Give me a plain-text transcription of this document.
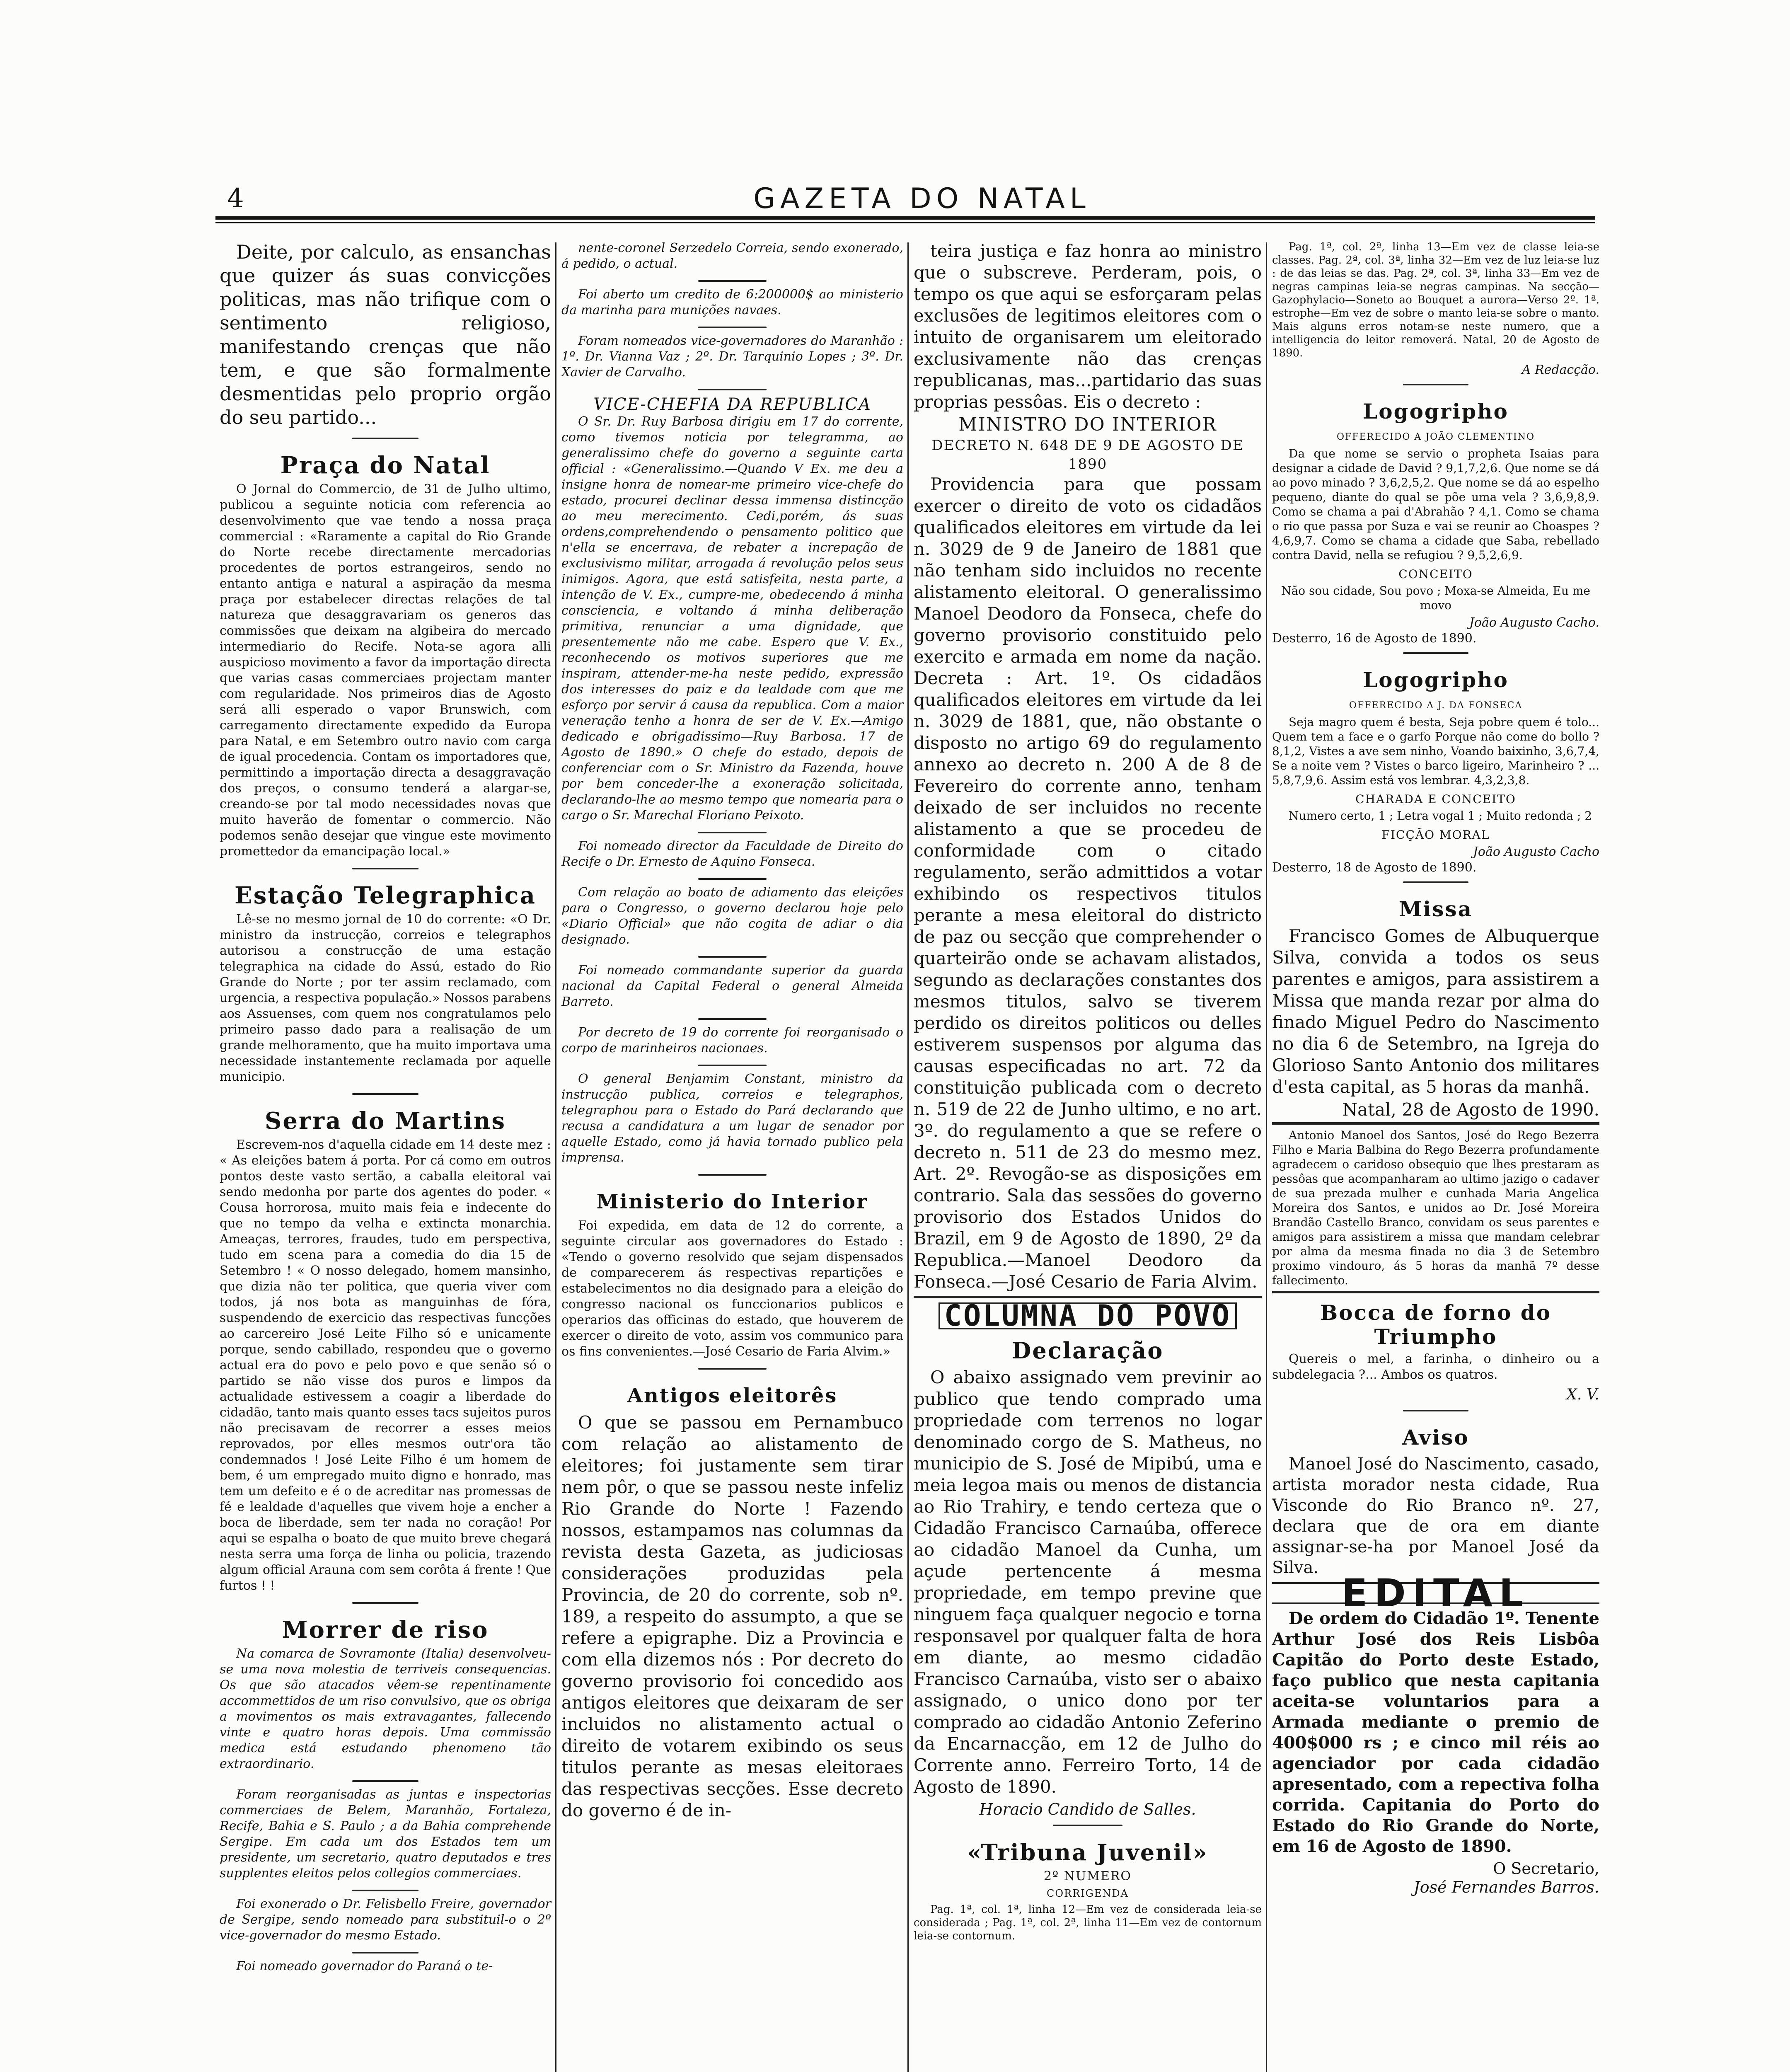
4	GAZETA DO NATAL

Deite, por calculo, as ensanchas que quizer ás suas convicções politicas, mas não trifique com o sentimento religioso, manifestando crenças que não tem, e que são formalmente desmentidas pelo proprio orgão do seu partido...

Praça do Natal

O Jornal do Commercio, de 31 de Julho ultimo, publicou a seguinte noticia com referencia ao desenvolvimento que vae tendo a nossa praça commercial : «Raramente a capital do Rio Grande do Norte recebe directamente mercadorias procedentes de portos estrangeiros, sendo no entanto antiga e natural a aspiração da mesma praça por estabelecer directas relações de tal natureza que desaggravariam os generos das commissões que deixam na algibeira do mercado intermediario do Recife. Nota-se agora alli auspicioso movimento a favor da importação directa que varias casas commerciaes projectam manter com regularidade. Nos primeiros dias de Agosto será alli esperado o vapor Brunswich, com carregamento directamente expedido da Europa para Natal, e em Setembro outro navio com carga de igual procedencia. Contam os importadores que, permittindo a importação directa a desaggravação dos preços, o consumo tenderá a alargar-se, creando-se por tal modo necessidades novas que muito haverão de fomentar o commercio. Não podemos senão desejar que vingue este movimento promettedor da emancipação local.»

Estação Telegraphica

Lê-se no mesmo jornal de 10 do corrente: «O Dr. ministro da instrucção, correios e telegraphos autorisou a construcção de uma estação telegraphica na cidade do Assú, estado do Rio Grande do Norte ; por ter assim reclamado, com urgencia, a respectiva população.» Nossos parabens aos Assuenses, com quem nos congratulamos pelo primeiro passo dado para a realisação de um grande melhoramento, que ha muito importava uma necessidade instantemente reclamada por aquelle municipio.

Serra do Martins

Escrevem-nos d'aquella cidade em 14 deste mez : « As eleições batem á porta. Por cá como em outros pontos deste vasto sertão, a caballa eleitoral vai sendo medonha por parte dos agentes do poder. « Cousa horrorosa, muito mais feia e indecente do que no tempo da velha e extincta monarchia. Ameaças, terrores, fraudes, tudo em perspectiva, tudo em scena para a comedia do dia 15 de Setembro ! « O nosso delegado, homem mansinho, que dizia não ter politica, que queria viver com todos, já nos bota as manguinhas de fóra, suspendendo de exercicio das respectivas funcções ao carcereiro José Leite Filho só e unicamente porque, sendo cabillado, respondeu que o governo actual era do povo e pelo povo e que senão só o partido se não visse dos puros e limpos da actualidade estivessem a coagir a liberdade do cidadão, tanto mais quanto esses tacs sujeitos puros não precisavam de recorrer a esses meios reprovados, por elles mesmos outr'ora tão condemnados ! José Leite Filho é um homem de bem, é um empregado muito digno e honrado, mas tem um defeito e é o de acreditar nas promessas de fé e lealdade d'aquelles que vivem hoje a encher a boca de liberdade, sem ter nada no coração! Por aqui se espalha o boato de que muito breve chegará nesta serra uma força de linha ou policia, trazendo algum official Arauna com sem corôta á frente ! Que furtos ! !

Morrer de riso

Na comarca de Sovramonte (Italia) desenvolveu-se uma nova molestia de terriveis consequencias. Os que são atacados vêem-se repentinamente accommettidos de um riso convulsivo, que os obriga a movimentos os mais extravagantes, fallecendo vinte e quatro horas depois. Uma commissão medica está estudando phenomeno tão extraordinario.

Foram reorganisadas as juntas e inspectorias commerciaes de Belem, Maranhão, Fortaleza, Recife, Bahia e S. Paulo ; a da Bahia comprehende Sergipe. Em cada um dos Estados tem um presidente, um secretario, quatro deputados e tres supplentes eleitos pelos collegios commerciaes.

Foi exonerado o Dr. Felisbello Freire, governador de Sergipe, sendo nomeado para substituil-o o 2º vice-governador do mesmo Estado.

Foi nomeado governador do Paraná o te-

nente-coronel Serzedelo Correia, sendo exonerado, á pedido, o actual.

Foi aberto um credito de 6:200000$ ao ministerio da marinha para munições navaes.

Foram nomeados vice-governadores do Maranhão : 1º. Dr. Vianna Vaz ; 2º. Dr. Tarquinio Lopes ; 3º. Dr. Xavier de Carvalho.

VICE-CHEFIA DA REPUBLICA

O Sr. Dr. Ruy Barbosa dirigiu em 17 do corrente, como tivemos noticia por telegramma, ao generalissimo chefe do governo a seguinte carta official : «Generalissimo.—Quando V Ex. me deu a insigne honra de nomear-me primeiro vice-chefe do estado, procurei declinar dessa immensa distincção ao meu merecimento. Cedi,porém, ás suas ordens,comprehendendo o pensamento politico que n'ella se encerrava, de rebater a increpação de exclusivismo militar, arrogada á revolução pelos seus inimigos. Agora, que está satisfeita, nesta parte, a intenção de V. Ex., cumpre-me, obedecendo á minha consciencia, e voltando á minha deliberação primitiva, renunciar a uma dignidade, que presentemente não me cabe. Espero que V. Ex., reconhecendo os motivos superiores que me inspiram, attender-me-ha neste pedido, expressão dos interesses do paiz e da lealdade com que me esforço por servir á causa da republica. Com a maior veneração tenho a honra de ser de V. Ex.—Amigo dedicado e obrigadissimo—Ruy Barbosa. 17 de Agosto de 1890.» O chefe do estado, depois de conferenciar com o Sr. Ministro da Fazenda, houve por bem conceder-lhe a exoneração solicitada, declarando-lhe ao mesmo tempo que nomearia para o cargo o Sr. Marechal Floriano Peixoto.

Foi nomeado director da Faculdade de Direito do Recife o Dr. Ernesto de Aquino Fonseca.

Com relação ao boato de adiamento das eleições para o Congresso, o governo declarou hoje pelo «Diario Official» que não cogita de adiar o dia designado.

Foi nomeado commandante superior da guarda nacional da Capital Federal o general Almeida Barreto.

Por decreto de 19 do corrente foi reorganisado o corpo de marinheiros nacionaes.

O general Benjamim Constant, ministro da instrucção publica, correios e telegraphos, telegraphou para o Estado do Pará declarando que recusa a candidatura a um lugar de senador por aquelle Estado, como já havia tornado publico pela imprensa.

Ministerio do Interior

Foi expedida, em data de 12 do corrente, a seguinte circular aos governadores do Estado : «Tendo o governo resolvido que sejam dispensados de comparecerem ás respectivas repartições e estabelecimentos no dia designado para a eleição do congresso nacional os funccionarios publicos e operarios das officinas do estado, que houverem de exercer o direito de voto, assim vos communico para os fins convenientes.—José Cesario de Faria Alvim.»

Antigos eleitorês

O que se passou em Pernambuco com relação ao alistamento de eleitores; foi justamente sem tirar nem pôr, o que se passou neste infeliz Rio Grande do Norte ! Fazendo nossos, estampamos nas columnas da revista desta Gazeta, as judiciosas considerações produzidas pela Provincia, de 20 do corrente, sob nº. 189, a respeito do assumpto, a que se refere a epigraphe. Diz a Provincia e com ella dizemos nós : Por decreto do governo provisorio foi concedido aos antigos eleitores que deixaram de ser incluidos no alistamento actual o direito de votarem exibindo os seus titulos perante as mesas eleitoraes das respectivas secções. Esse decreto do governo é de in-

teira justiça e faz honra ao ministro que o subscreve. Perderam, pois, o tempo os que aqui se esforçaram pelas exclusões de legitimos eleitores com o intuito de organisarem um eleitorado exclusivamente não das crenças republicanas, mas...partidario das suas proprias pessôas. Eis o decreto :

MINISTRO DO INTERIOR
DECRETO N. 648 DE 9 DE AGOSTO DE 1890

Providencia para que possam exercer o direito de voto os cidadãos qualificados eleitores em virtude da lei n. 3029 de 9 de Janeiro de 1881 que não tenham sido incluidos no recente alistamento eleitoral. O generalissimo Manoel Deodoro da Fonseca, chefe do governo provisorio constituido pelo exercito e armada em nome da nação. Decreta : Art. 1º. Os cidadãos qualificados eleitores em virtude da lei n. 3029 de 1881, que, não obstante o disposto no artigo 69 do regulamento annexo ao decreto n. 200 A de 8 de Fevereiro do corrente anno, tenham deixado de ser incluidos no recente alistamento a que se procedeu de conformidade com o citado regulamento, serão admittidos a votar exhibindo os respectivos titulos perante a mesa eleitoral do districto de paz ou secção que comprehender o quarteirão onde se achavam alistados, segundo as declarações constantes dos mesmos titulos, salvo se tiverem perdido os direitos politicos ou delles estiverem suspensos por alguma das causas especificadas no art. 72 da constituição publicada com o decreto n. 519 de 22 de Junho ultimo, e no art. 3º. do regulamento a que se refere o decreto n. 511 de 23 do mesmo mez. Art. 2º. Revogão-se as disposições em contrario. Sala das sessões do governo provisorio dos Estados Unidos do Brazil, em 9 de Agosto de 1890, 2º da Republica.—Manoel Deodoro da Fonseca.—José Cesario de Faria Alvim.

COLUMNA DO POVO
Declaração

O abaixo assignado vem previnir ao publico que tendo comprado uma propriedade com terrenos no logar denominado corgo de S. Matheus, no municipio de S. José de Mipibú, uma e meia legoa mais ou menos de distancia ao Rio Trahiry, e tendo certeza que o Cidadão Francisco Carnaúba, offerece ao cidadão Manoel da Cunha, um açude pertencente á mesma propriedade, em tempo previne que ninguem faça qualquer negocio e torna responsavel por qualquer falta de hora em diante, ao mesmo cidadão Francisco Carnaúba, visto ser o abaixo assignado, o unico dono por ter comprado ao cidadão Antonio Zeferino da Encarnacção, em 12 de Julho do Corrente anno. Ferreiro Torto, 14 de Agosto de 1890.

Horacio Candido de Salles.
«Tribuna Juvenil»
2º NUMERO
CORRIGENDA

Pag. 1ª, col. 1ª, linha 12—Em vez de considerada leia-se considerada ; Pag. 1ª, col. 2ª, linha 11—Em vez de contornum leia-se contornum.

Pag. 1ª, col. 2ª, linha 13—Em vez de classe leia-se classes. Pag. 2ª, col. 3ª, linha 32—Em vez de luz leia-se luz : de das leias se das. Pag. 2ª, col. 3ª, linha 33—Em vez de negras campinas leia-se negras campinas. Na secção—Gazophylacio—Soneto ao Bouquet a aurora—Verso 2º. 1ª. estrophe—Em vez de sobre o manto leia-se sobre o manto. Mais alguns erros notam-se neste numero, que a intelligencia do leitor removerá. Natal, 20 de Agosto de 1890.

A Redacção.
Logogripho
OFFERECIDO A JOÃO CLEMENTINO

Da que nome se servio o propheta Isaias para designar a cidade de David ? 9,1,7,2,6. Que nome se dá ao povo minado ? 3,6,2,5,2. Que nome se dá ao espelho pequeno, diante do qual se põe uma vela ? 3,6,9,8,9. Como se chama a pai d'Abrahão ? 4,1. Como se chama o rio que passa por Suza e vai se reunir ao Choaspes ? 4,6,9,7. Como se chama a cidade que Saba, rebellado contra David, nella se refugiou ? 9,5,2,6,9.

CONCEITO

Não sou cidade, Sou povo ; Moxa-se Almeida, Eu me movo

João Augusto Cacho.
Desterro, 16 de Agosto de 1890.
Logogripho
OFFERECIDO A J. DA FONSECA

Seja magro quem é besta, Seja pobre quem é tolo... Quem tem a face e o garfo Porque não come do bollo ? 8,1,2, Vistes a ave sem ninho, Voando baixinho, 3,6,7,4, Se a noite vem ? Vistes o barco ligeiro, Marinheiro ? ... 5,8,7,9,6. Assim está vos lembrar. 4,3,2,3,8.

CHARADA E CONCEITO

Numero certo, 1 ; Letra vogal 1 ; Muito redonda ; 2

FICÇÃO MORAL
João Augusto Cacho
Desterro, 18 de Agosto de 1890.
Missa

Francisco Gomes de Albuquerque Silva, convida a todos os seus parentes e amigos, para assistirem a Missa que manda rezar por alma do finado Miguel Pedro do Nascimento no dia 6 de Setembro, na Igreja do Glorioso Santo Antonio dos militares d'esta capital, as 5 horas da manhã.

Natal, 28 de Agosto de 1990.

Antonio Manoel dos Santos, José do Rego Bezerra Filho e Maria Balbina do Rego Bezerra profundamente agradecem o caridoso obsequio que lhes prestaram as pessôas que acompanharam ao ultimo jazigo o cadaver de sua prezada mulher e cunhada Maria Angelica Moreira dos Santos, e unidos ao Dr. José Moreira Brandão Castello Branco, convidam os seus parentes e amigos para assistirem a missa que mandam celebrar por alma da mesma finada no dia 3 de Setembro proximo vindouro, ás 5 horas da manhã 7º desse fallecimento.

Bocca de forno do Triumpho

Quereis o mel, a farinha, o dinheiro ou a subdelegacia ?... Ambos os quatros.

X. V.
Aviso

Manoel José do Nascimento, casado, artista morador nesta cidade, Rua Visconde do Rio Branco nº. 27, declara que de ora em diante assignar-se-ha por Manoel José da Silva.

EDITAL

De ordem do Cidadão 1º. Tenente Arthur José dos Reis Lisbôa Capitão do Porto deste Estado, faço publico que nesta capitania aceita-se voluntarios para a Armada mediante o premio de 400$000 rs ; e cinco mil réis ao agenciador por cada cidadão apresentado, com a repectiva folha corrida. Capitania do Porto do Estado do Rio Grande do Norte, em 16 de Agosto de 1890.

O Secretario,
José Fernandes Barros.
